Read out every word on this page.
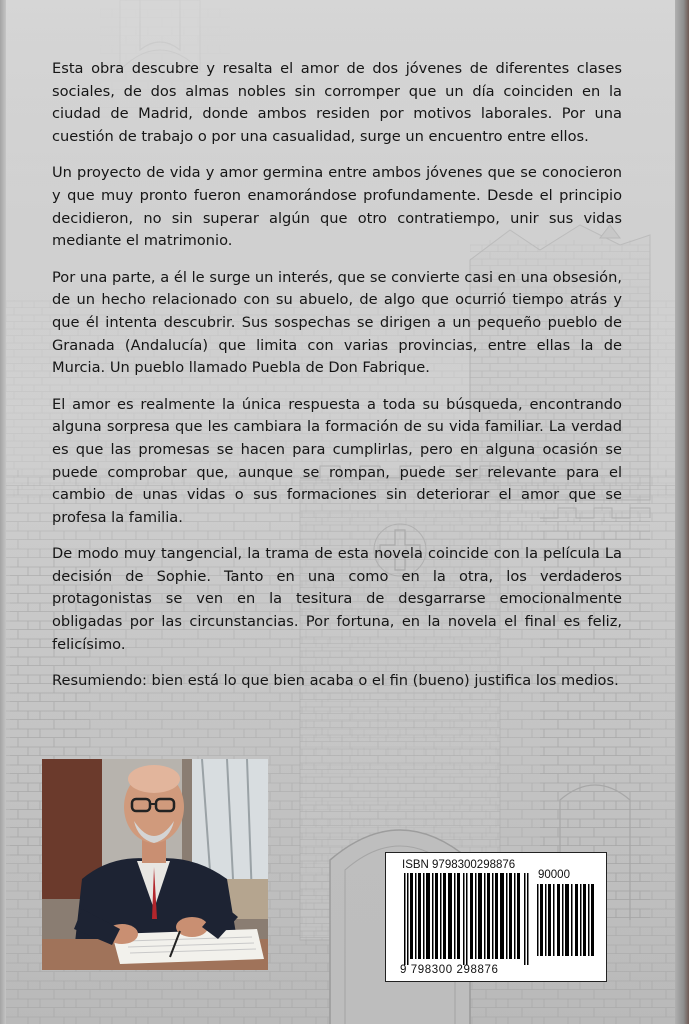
Esta obra descubre y resalta el amor de dos jóvenes de diferentes clases sociales, de dos almas nobles sin corromper que un día coinciden en la ciudad de Madrid, donde ambos residen por motivos laborales. Por una cuestión de trabajo o por una casualidad, surge un encuentro entre ellos.

Un proyecto de vida y amor germina entre ambos jóvenes que se conocieron y que muy pronto fueron enamorándose profundamente. Desde el principio decidieron, no sin superar algún que otro contratiempo, unir sus vidas mediante el matrimonio.

Por una parte, a él le surge un interés, que se convierte casi en una obsesión, de un hecho relacionado con su abuelo, de algo que ocurrió tiempo atrás y que él intenta descubrir. Sus sospechas se dirigen a un pequeño pueblo de Granada (Andalucía) que limita con varias provincias, entre ellas la de Murcia. Un pueblo llamado Puebla de Don Fabrique.

El amor es realmente la única respuesta a toda su búsqueda, encontrando alguna sorpresa que les cambiara la formación de su vida familiar. La verdad es que las promesas se hacen para cumplirlas, pero en alguna ocasión se puede comprobar que, aunque se rompan, puede ser relevante para el cambio de unas vidas o sus formaciones sin deteriorar el amor que se profesa la familia.

De modo muy tangencial, la trama de esta novela coincide con la película La decisión de Sophie. Tanto en una como en la otra, los verdaderos protagonistas se ven en la tesitura de desgarrarse emocionalmente obligadas por las circunstancias. Por fortuna, en la novela el final es feliz, felicísimo.

Resumiendo: bien está lo que bien acaba o el fin (bueno) justifica los medios.

ISBN 9798300298876
90000
9 798300 298876
